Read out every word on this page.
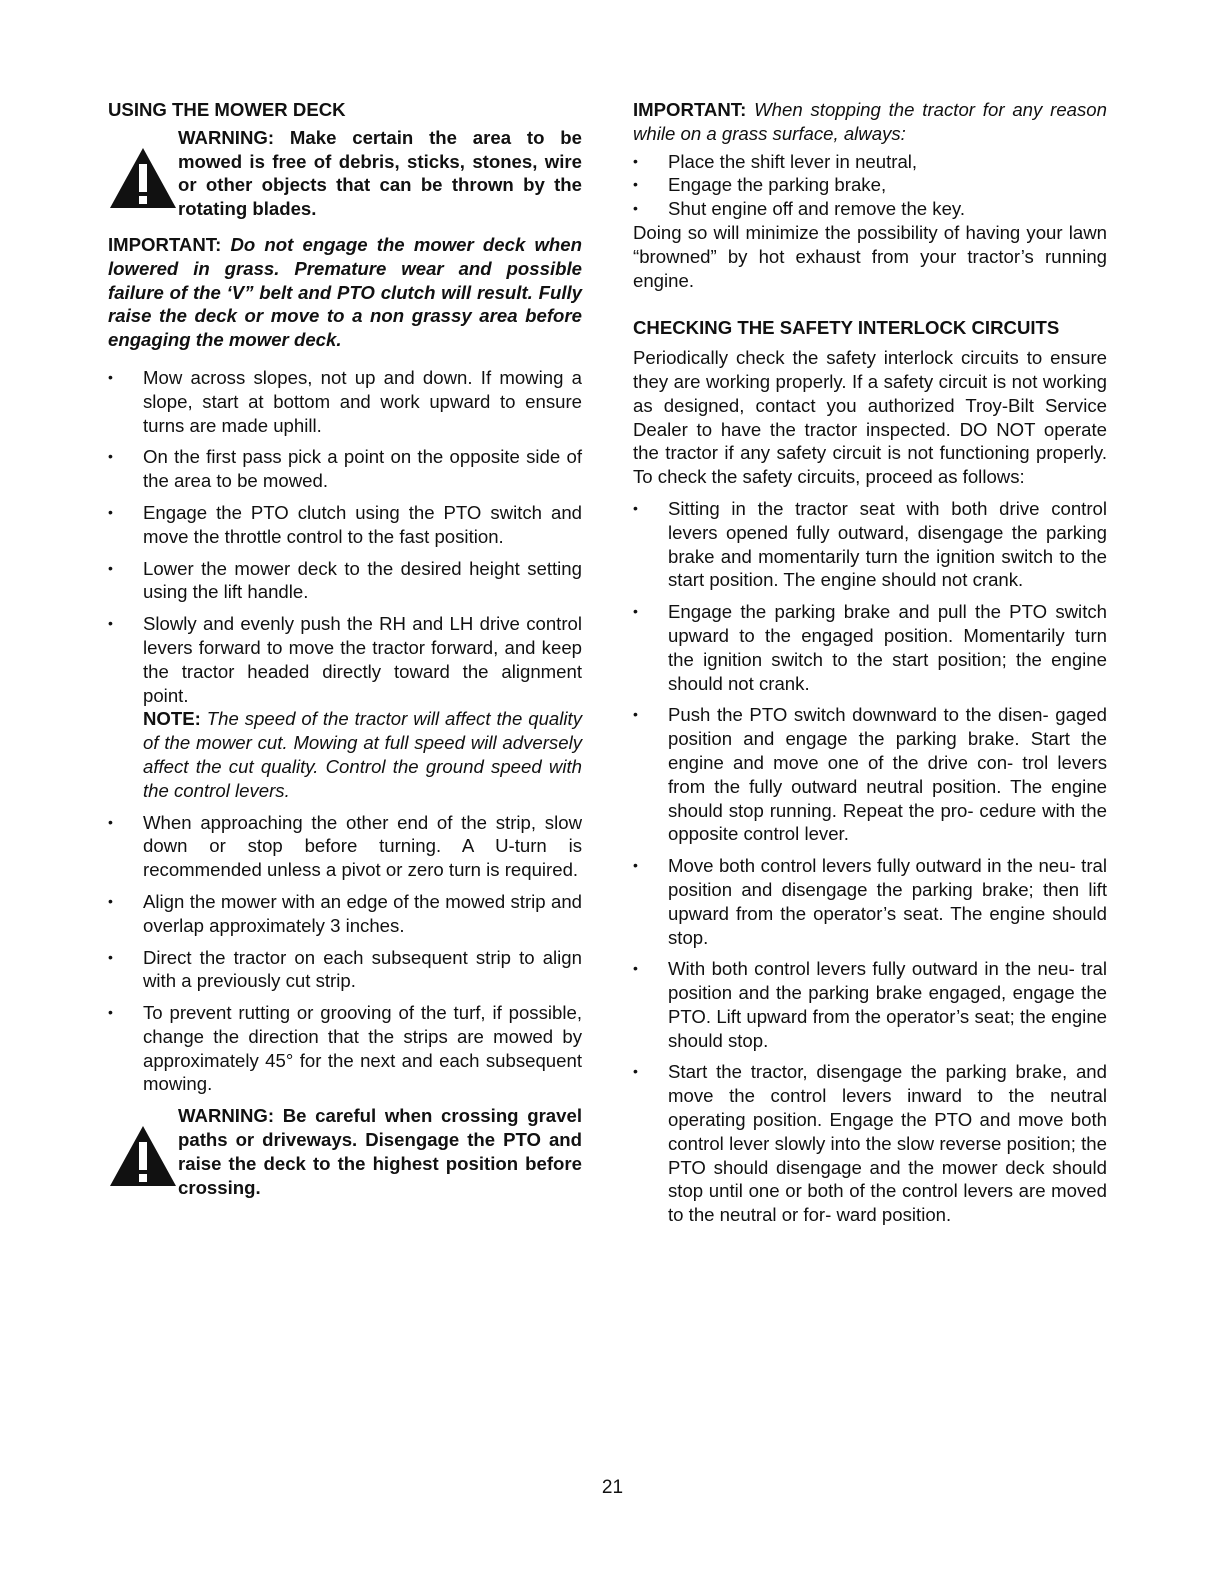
USING THE MOWER DECK

WARNING: Make certain the area to be mowed is free of debris, sticks, stones, wire or other objects that can be thrown by the rotating blades.

IMPORTANT: Do not engage the mower deck when lowered in grass. Premature wear and possible failure of the ‘V” belt and PTO clutch will result. Fully raise the deck or move to a non grassy area before engaging the mower deck.

• Mow across slopes, not up and down. If mowing a slope, start at bottom and work upward to ensure turns are made uphill.
• On the first pass pick a point on the opposite side of the area to be mowed.
• Engage the PTO clutch using the PTO switch and move the throttle control to the fast position.
• Lower the mower deck to the desired height setting using the lift handle.
• Slowly and evenly push the RH and LH drive control levers forward to move the tractor forward, and keep the tractor headed directly toward the alignment point.

NOTE: The speed of the tractor will affect the quality of the mower cut. Mowing at full speed will adversely affect the cut quality. Control the ground speed with the control levers.

• When approaching the other end of the strip, slow down or stop before turning. A U-turn is recommended unless a pivot or zero turn is required.
• Align the mower with an edge of the mowed strip and overlap approximately 3 inches.
• Direct the tractor on each subsequent strip to align with a previously cut strip.
• To prevent rutting or grooving of the turf, if possible, change the direction that the strips are mowed by approximately 45° for the next and each subsequent mowing.

WARNING: Be careful when crossing gravel paths or driveways. Disengage the PTO and raise the deck to the highest position before crossing.

IMPORTANT: When stopping the tractor for any reason while on a grass surface, always:

• Place the shift lever in neutral,
• Engage the parking brake,
• Shut engine off and remove the key.

Doing so will minimize the possibility of having your lawn “browned” by hot exhaust from your tractor’s running engine.

CHECKING THE SAFETY INTERLOCK CIRCUITS

Periodically check the safety interlock circuits to ensure they are working properly. If a safety circuit is not working as designed, contact you authorized Troy-Bilt Service Dealer to have the tractor inspected. DO NOT operate the tractor if any safety circuit is not functioning properly. To check the safety circuits, proceed as follows:

• Sitting in the tractor seat with both drive control levers opened fully outward, disengage the parking brake and momentarily turn the ignition switch to the start position. The engine should not crank.
• Engage the parking brake and pull the PTO switch upward to the engaged position. Momentarily turn the ignition switch to the start position; the engine should not crank.
• Push the PTO switch downward to the disen- gaged position and engage the parking brake. Start the engine and move one of the drive con- trol levers from the fully outward neutral position. The engine should stop running. Repeat the pro- cedure with the opposite control lever.
• Move both control levers fully outward in the neu- tral position and disengage the parking brake; then lift upward from the operator’s seat. The engine should stop.
• With both control levers fully outward in the neu- tral position and the parking brake engaged, engage the PTO. Lift upward from the operator’s seat; the engine should stop.
• Start the tractor, disengage the parking brake, and move the control levers inward to the neutral operating position. Engage the PTO and move both control lever slowly into the slow reverse position; the PTO should disengage and the mower deck should stop until one or both of the control levers are moved to the neutral or for- ward position.
21
